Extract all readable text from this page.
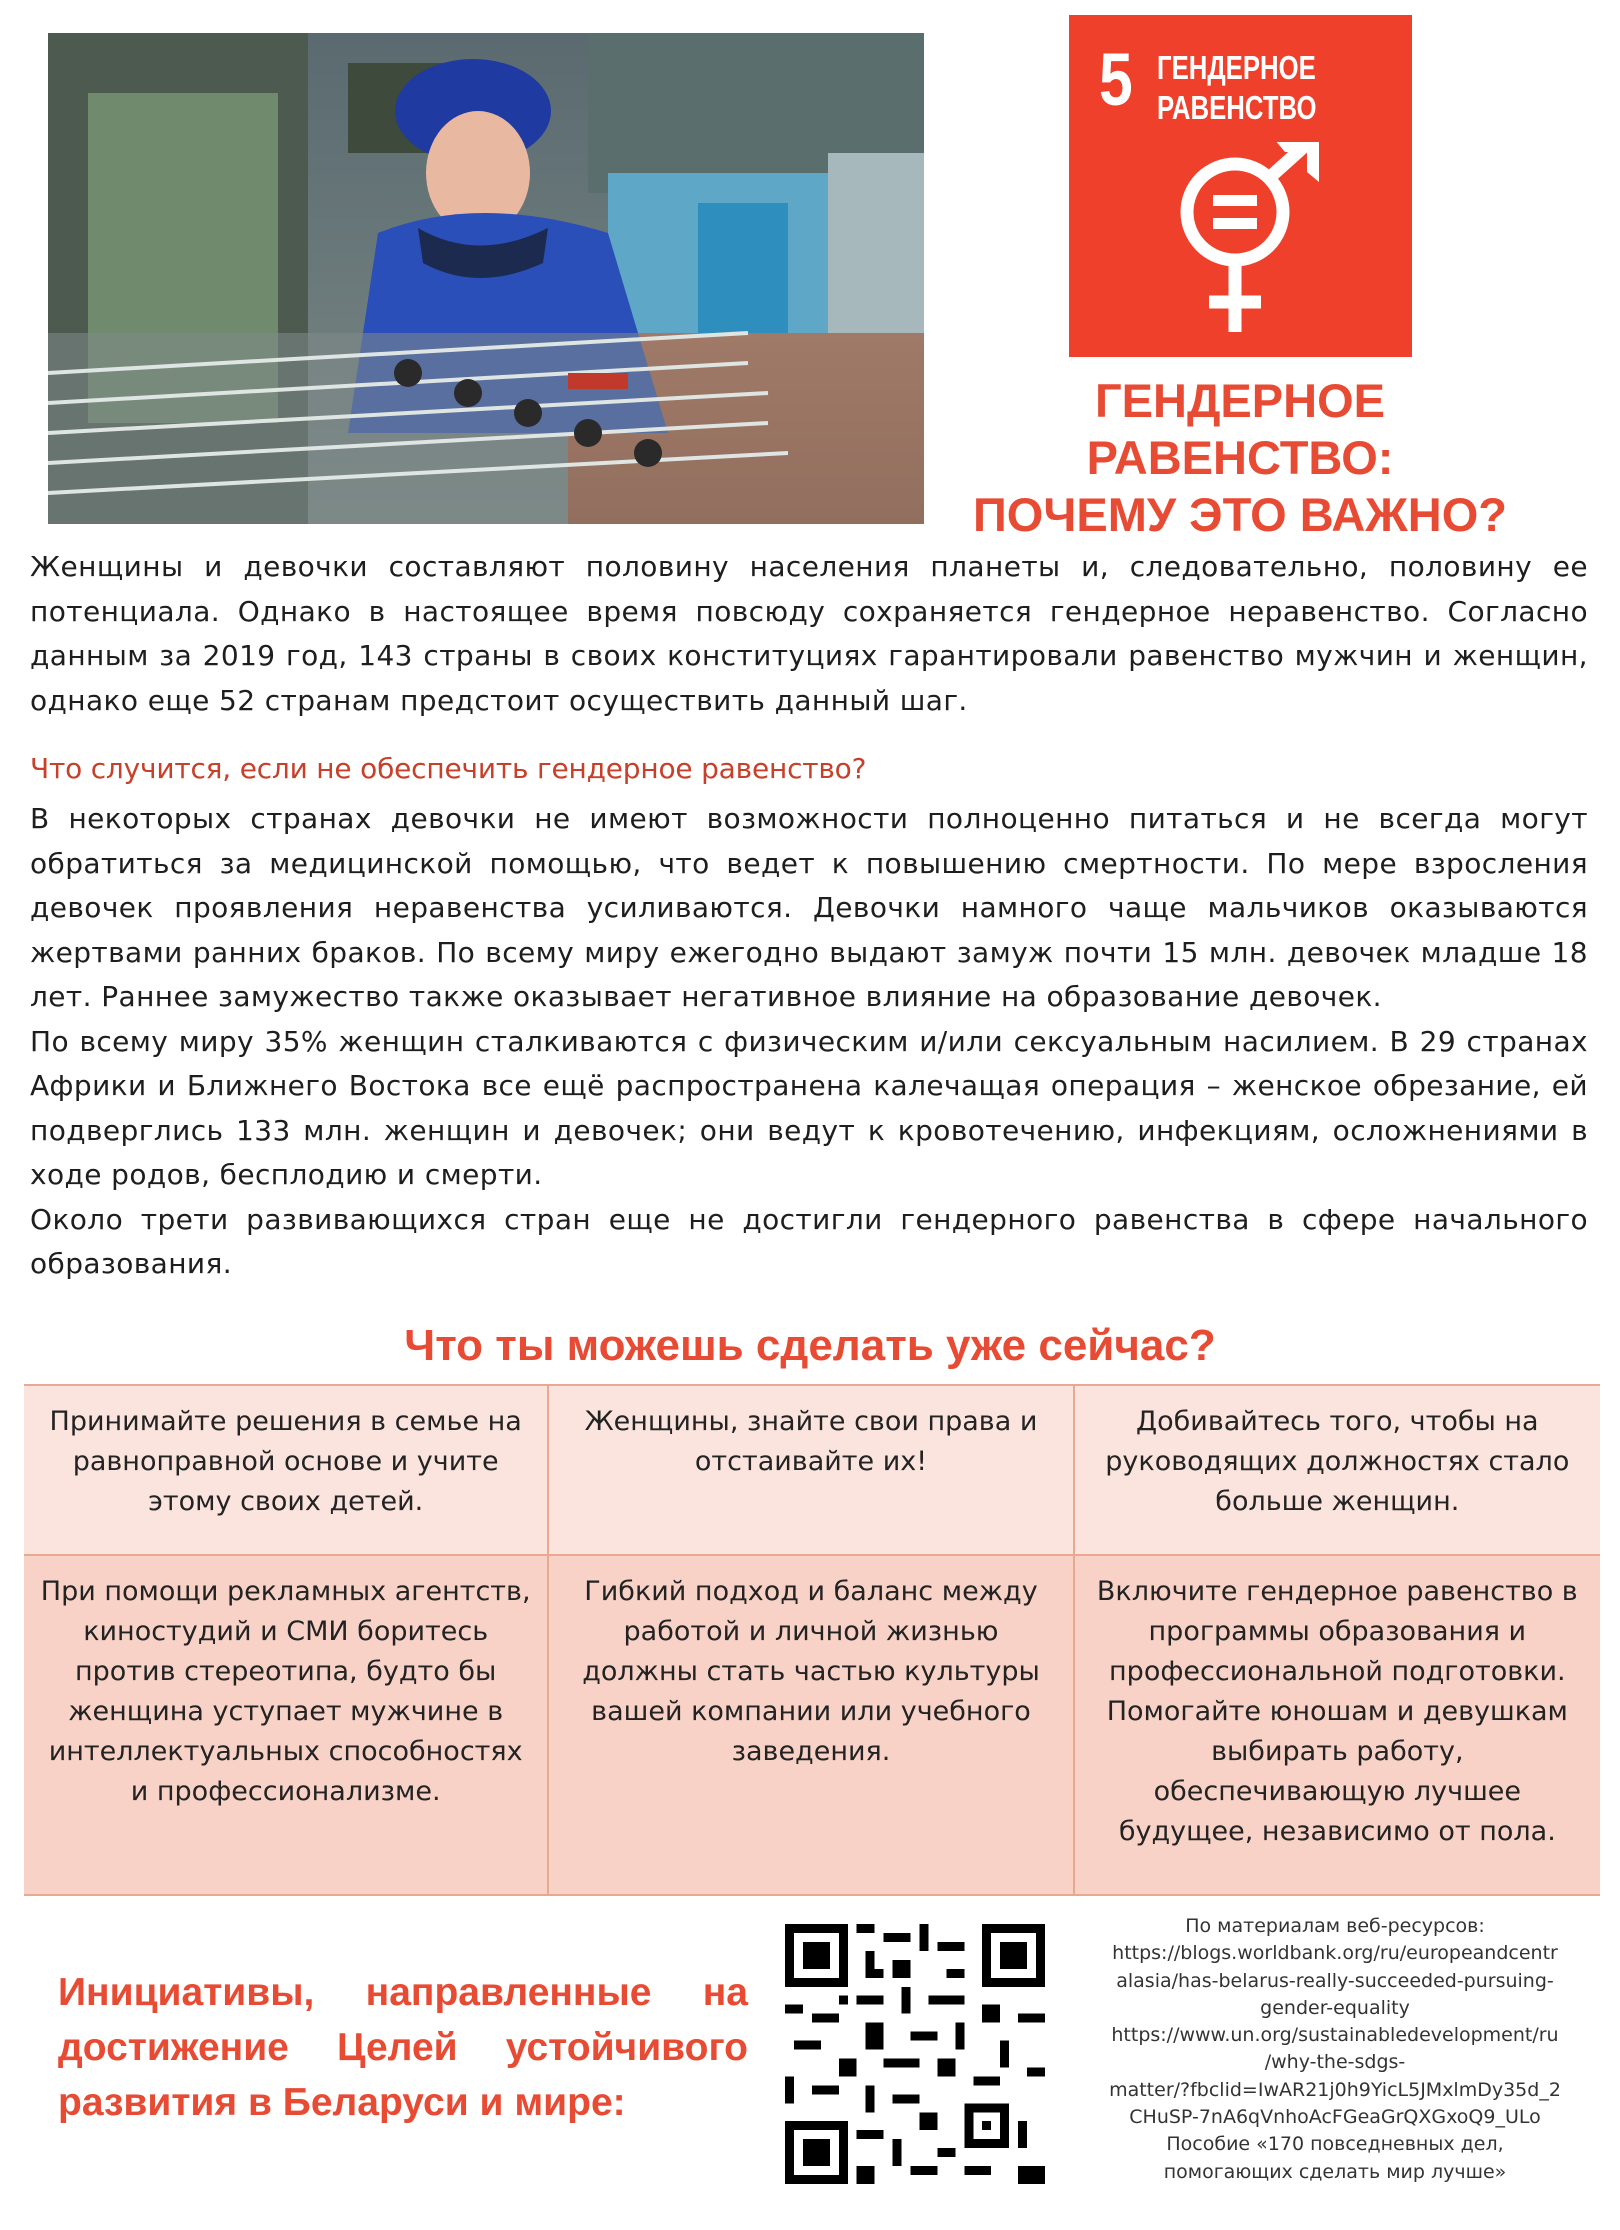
5 ГЕНДЕРНОЕ
РАВЕНСТВО
ГЕНДЕРНОЕ
РАВЕНСТВО:
ПОЧЕМУ ЭТО ВАЖНО?

Женщины и девочки составляют половину населения планеты и, следовательно, половину ее потенциала. Однако в настоящее время повсюду сохраняется гендерное неравенство. Согласно данным за 2019 год, 143 страны в своих конституциях гарантировали равенство мужчин и женщин, однако еще 52 странам предстоит осуществить данный шаг.

Что случится, если не обеспечить гендерное равенство?

В некоторых странах девочки не имеют возможности полноценно питаться и не всегда могут обратиться за медицинской помощью, что ведет к повышению смертности. По мере взросления девочек проявления неравенства усиливаются. Девочки намного чаще мальчиков оказываются жертвами ранних браков. По всему миру ежегодно выдают замуж почти 15 млн. девочек младше 18 лет. Раннее замужество также оказывает негативное влияние на образование девочек.

По всему миру 35% женщин сталкиваются с физическим и/или сексуальным насилием. В 29 странах Африки и Ближнего Востока все ещё распространена калечащая операция – женское обрезание, ей подверглись 133 млн. женщин и девочек; они ведут к кровотечению, инфекциям, осложнениями в ходе родов, бесплодию и смерти.

Около трети развивающихся стран еще не достигли гендерного равенства в сфере начального образования.

Что ты можешь сделать уже сейчас?
Принимайте решения в семье на равноправной основе и учите этому своих детей.
Женщины, знайте свои права и отстаивайте их!
Добивайтесь того, чтобы на руководящих должностях стало больше женщин.
При помощи рекламных агентств, киностудий и СМИ боритесь против стереотипа, будто бы женщина уступает мужчине в интеллектуальных способностях и профессионализме.
Гибкий подход и баланс между работой и личной жизнью должны стать частью культуры вашей компании или учебного заведения.
Включите гендерное равенство в программы образования и профессиональной подготовки. Помогайте юношам и девушкам выбирать работу, обеспечивающую лучшее будущее, независимо от пола.
Инициативы, направленные на достижение Целей устойчивого развития в Беларуси и мире:
По материалам веб-ресурсов:
https://blogs.worldbank.org/ru/europeandcentr
alasia/has-belarus-really-succeeded-pursuing-
gender-equality
https://www.un.org/sustainabledevelopment/ru
/why-the-sdgs-
matter/?fbclid=IwAR21j0h9YicL5JMxlmDy35d_2
CHuSP-7nA6qVnhoAcFGeaGrQXGxoQ9_ULo
Пособие «170 повседневных дел,
помогающих сделать мир лучше»
